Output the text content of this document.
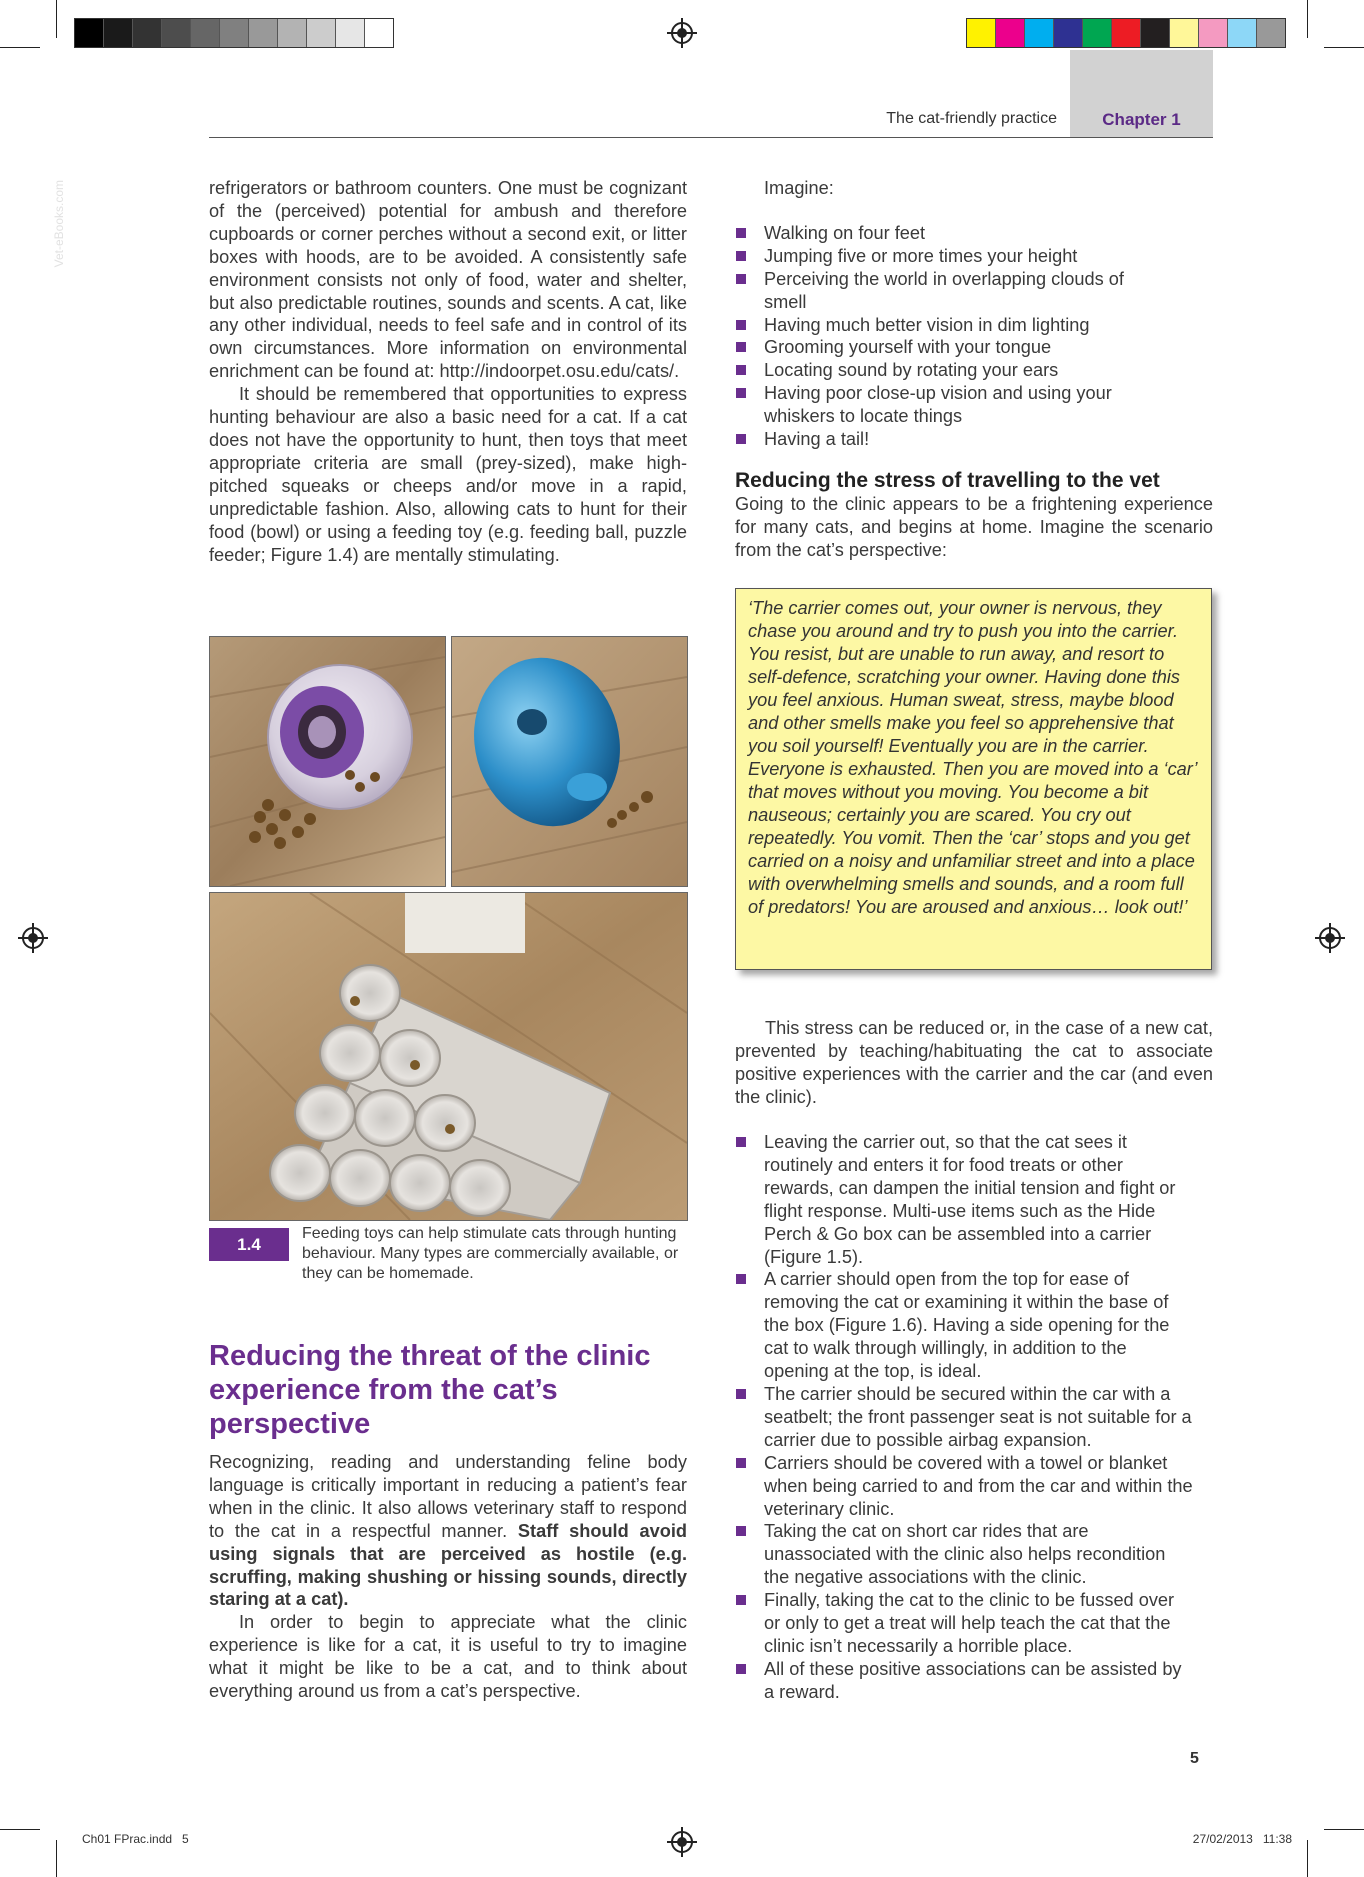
The cat-friendly practice	Chapter 1
Vet-eBooks.com	refrigerators or bathroom counters. One must be cognizant of the (perceived) potential for ambush and therefore cupboards or corner perches without a second exit, or litter boxes with hoods, are to be avoided. A consistently safe environment consists not only of food, water and shelter, but also predictable routines, sounds and scents. A cat, like any other individual, needs to feel safe and in control of its own circumstances. More information on environmental enrichment can be found at: http://indoorpet.osu.edu/cats/.

It should be remembered that opportunities to express hunting behaviour are also a basic need for a cat. If a cat does not have the opportunity to hunt, then toys that meet appropriate criteria are small (prey-sized), make high-pitched squeaks or cheeps and/or move in a rapid, unpredictable fashion. Also, allowing cats to hunt for their food (bowl) or using a feeding toy (e.g. feeding ball, puzzle feeder; Figure 1.4) are mentally stimulating.

1.4
Feeding toys can help stimulate cats through hunting behaviour. Many types are commercially available, or they can be homemade.
Reducing the threat of the clinic experience from the cat’s perspective

Recognizing, reading and understanding feline body language is critically important in reducing a patient’s fear when in the clinic. It also allows veterinary staff to respond to the cat in a respectful manner. Staff should avoid using signals that are perceived as hostile (e.g. scruffing, making shushing or hissing sounds, directly staring at a cat).

In order to begin to appreciate what the clinic experience is like for a cat, it is useful to try to imagine what it might be like to be a cat, and to think about everything around us from a cat’s perspective.

Imagine:

Walking on four feet
Jumping five or more times your height
Perceiving the world in overlapping clouds of smell
Having much better vision in dim lighting
Grooming yourself with your tongue
Locating sound by rotating your ears
Having poor close-up vision and using your whiskers to locate things
Having a tail!

Reducing the stress of travelling to the vet

Going to the clinic appears to be a frightening experience for many cats, and begins at home. Imagine the scenario from the cat’s perspective:

‘The carrier comes out, your owner is nervous, they chase you around and try to push you into the carrier. You resist, but are unable to run away, and resort to self-defence, scratching your owner. Having done this you feel anxious. Human sweat, stress, maybe blood and other smells make you feel so apprehensive that you soil yourself! Eventually you are in the carrier. Everyone is exhausted. Then you are moved into a ‘car’ that moves without you moving. You become a bit nauseous; certainly you are scared. You cry out repeatedly. You vomit. Then the ‘car’ stops and you get carried on a noisy and unfamiliar street and into a place with overwhelming smells and sounds, and a room full of predators! You are aroused and anxious… look out!’

This stress can be reduced or, in the case of a new cat, prevented by teaching/habituating the cat to associate positive experiences with the carrier and the car (and even the clinic).

Leaving the carrier out, so that the cat sees it routinely and enters it for food treats or other rewards, can dampen the initial tension and fight or flight response. Multi-use items such as the Hide Perch & Go box can be assembled into a carrier (Figure 1.5).
A carrier should open from the top for ease of removing the cat or examining it within the base of the box (Figure 1.6). Having a side opening for the cat to walk through willingly, in addition to the opening at the top, is ideal.
The carrier should be secured within the car with a seatbelt; the front passenger seat is not suitable for a carrier due to possible airbag expansion.
Carriers should be covered with a towel or blanket when being carried to and from the car and within the veterinary clinic.
Taking the cat on short car rides that are unassociated with the clinic also helps recondition the negative associations with the clinic.
Finally, taking the cat to the clinic to be fussed over or only to get a treat will help teach the cat that the clinic isn’t necessarily a horrible place.
All of these positive associations can be assisted by a reward.
5
Ch01 FPrac.indd   5	27/02/2013   11:38
